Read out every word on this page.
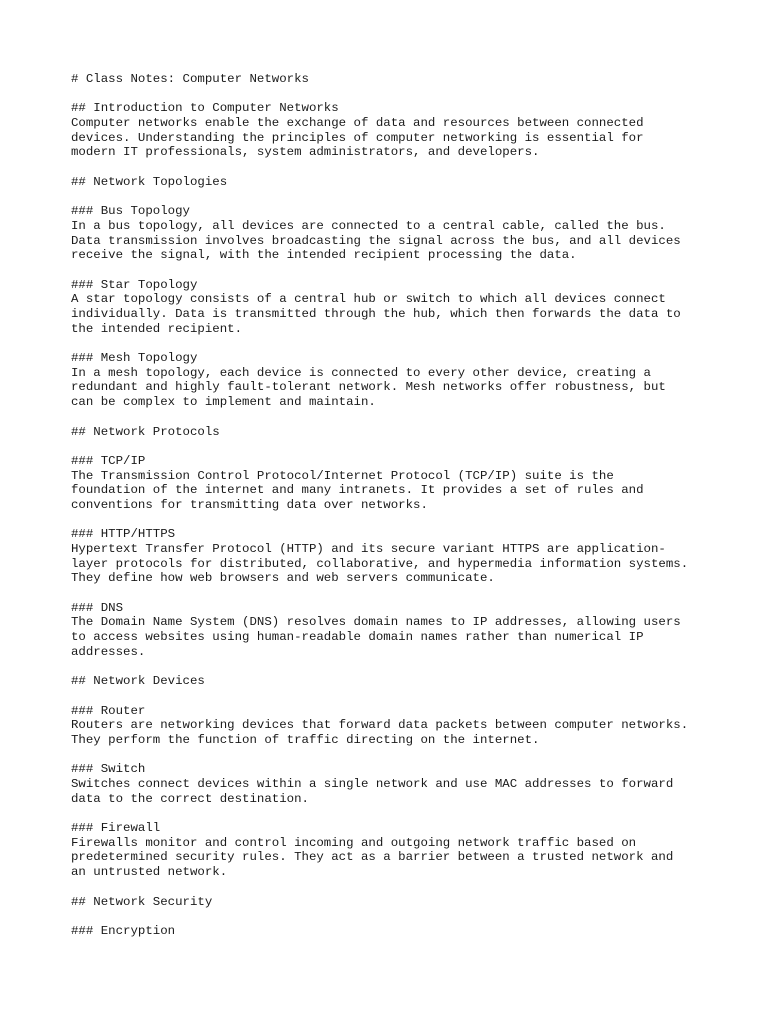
# Class Notes: Computer Networks
## Introduction to Computer Networks
Computer networks enable the exchange of data and resources between connected
devices. Understanding the principles of computer networking is essential for
modern IT professionals, system administrators, and developers.
## Network Topologies
### Bus Topology
In a bus topology, all devices are connected to a central cable, called the bus.
Data transmission involves broadcasting the signal across the bus, and all devices
receive the signal, with the intended recipient processing the data.
### Star Topology
A star topology consists of a central hub or switch to which all devices connect
individually. Data is transmitted through the hub, which then forwards the data to
the intended recipient.
### Mesh Topology
In a mesh topology, each device is connected to every other device, creating a
redundant and highly fault-tolerant network. Mesh networks offer robustness, but
can be complex to implement and maintain.
## Network Protocols
### TCP/IP
The Transmission Control Protocol/Internet Protocol (TCP/IP) suite is the
foundation of the internet and many intranets. It provides a set of rules and
conventions for transmitting data over networks.
### HTTP/HTTPS
Hypertext Transfer Protocol (HTTP) and its secure variant HTTPS are application-
layer protocols for distributed, collaborative, and hypermedia information systems.
They define how web browsers and web servers communicate.
### DNS
The Domain Name System (DNS) resolves domain names to IP addresses, allowing users
to access websites using human-readable domain names rather than numerical IP
addresses.
## Network Devices
### Router
Routers are networking devices that forward data packets between computer networks.
They perform the function of traffic directing on the internet.
### Switch
Switches connect devices within a single network and use MAC addresses to forward
data to the correct destination.
### Firewall
Firewalls monitor and control incoming and outgoing network traffic based on
predetermined security rules. They act as a barrier between a trusted network and
an untrusted network.
## Network Security
### Encryption
